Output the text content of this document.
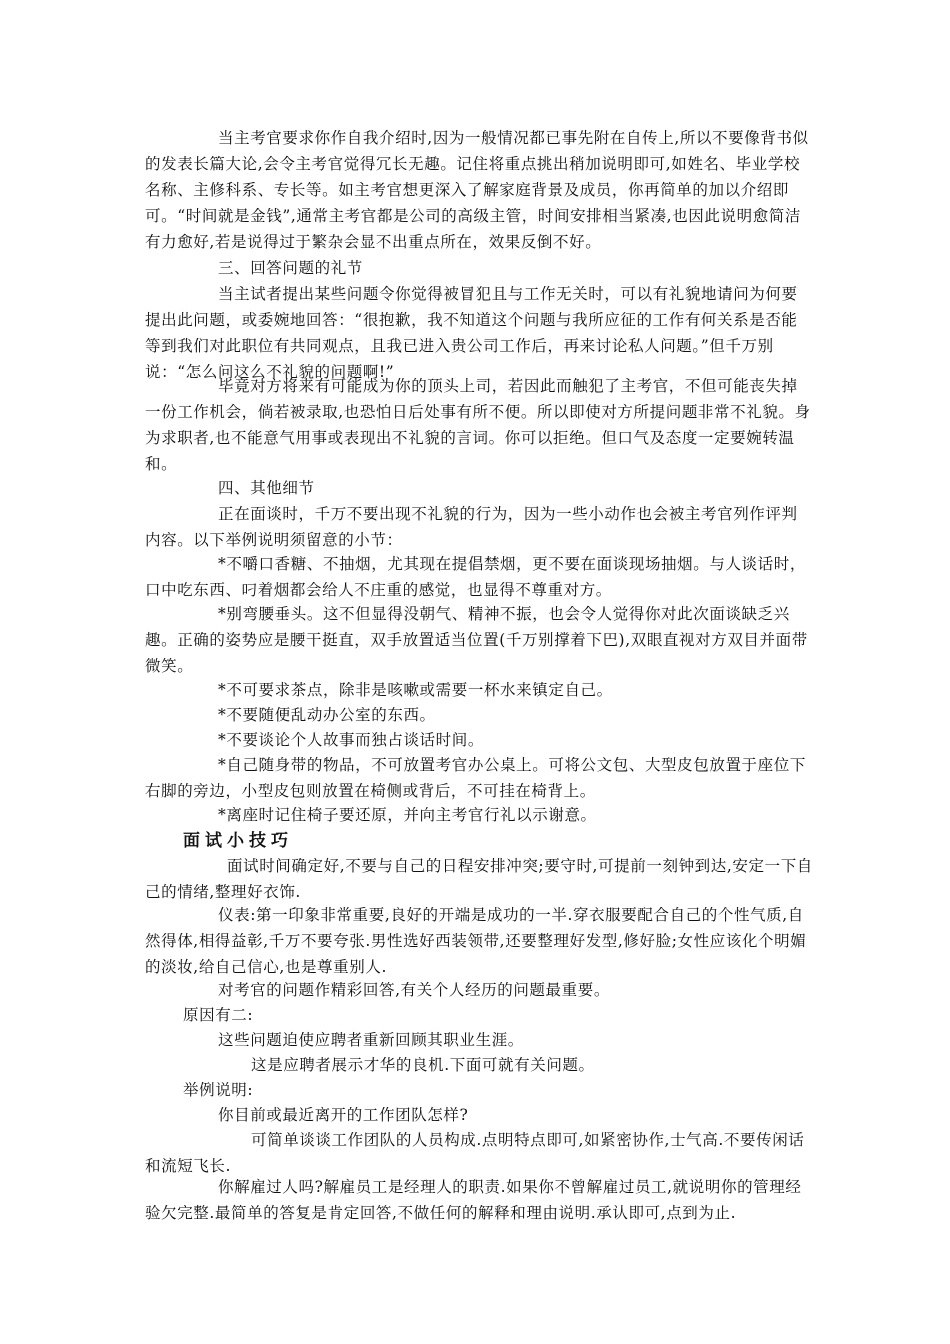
当主考官要求你作自我介绍时,因为一般情况都已事先附在自传上,所以不要像背书似的发表长篇大论,会令主考官觉得冗长无趣。记住将重点挑出稍加说明即可,如姓名、毕业学校名称、主修科系、专长等。如主考官想更深入了解家庭背景及成员，你再简单的加以介绍即可。“时间就是金钱”,通常主考官都是公司的高级主管，时间安排相当紧凑,也因此说明愈简洁有力愈好,若是说得过于繁杂会显不出重点所在，效果反倒不好。

三、回答问题的礼节

当主试者提出某些问题令你觉得被冒犯且与工作无关时，可以有礼貌地请问为何要提出此问题，或委婉地回答：“很抱歉，我不知道这个问题与我所应征的工作有何关系是否能等到我们对此职位有共同观点，且我已进入贵公司工作后，再来讨论私人问题。”但千万别说：“怎么问这么不礼貌的问题啊!”

毕竟对方将来有可能成为你的顶头上司，若因此而触犯了主考官，不但可能丧失掉一份工作机会，倘若被录取,也恐怕日后处事有所不便。所以即使对方所提问题非常不礼貌。身为求职者,也不能意气用事或表现出不礼貌的言词。你可以拒绝。但口气及态度一定要婉转温和。

四、其他细节

正在面谈时，千万不要出现不礼貌的行为，因为一些小动作也会被主考官列作评判内容。以下举例说明须留意的小节：

*不嚼口香糖、不抽烟，尤其现在提倡禁烟，更不要在面谈现场抽烟。与人谈话时，口中吃东西、叼着烟都会给人不庄重的感觉，也显得不尊重对方。

*别弯腰垂头。这不但显得没朝气、精神不振，也会令人觉得你对此次面谈缺乏兴趣。正确的姿势应是腰干挺直，双手放置适当位置(千万别撑着下巴),双眼直视对方双目并面带微笑。

*不可要求茶点，除非是咳嗽或需要一杯水来镇定自己。

*不要随便乱动办公室的东西。

*不要谈论个人故事而独占谈话时间。

*自己随身带的物品，不可放置考官办公桌上。可将公文包、大型皮包放置于座位下右脚的旁边，小型皮包则放置在椅侧或背后，不可挂在椅背上。

*离座时记住椅子要还原，并向主考官行礼以示谢意。

面试小技巧

面试时间确定好,不要与自己的日程安排冲突;要守时,可提前一刻钟到达,安定一下自己的情绪,整理好衣饰.

仪表:第一印象非常重要,良好的开端是成功的一半.穿衣服要配合自己的个性气质,自然得体,相得益彰,千万不要夸张.男性选好西装领带,还要整理好发型,修好脸;女性应该化个明媚的淡妆,给自己信心,也是尊重别人.

对考官的问题作精彩回答,有关个人经历的问题最重要。

原因有二:

这些问题迫使应聘者重新回顾其职业生涯。

这是应聘者展示才华的良机.下面可就有关问题。

举例说明:

你目前或最近离开的工作团队怎样?

可简单谈谈工作团队的人员构成.点明特点即可,如紧密协作,士气高.不要传闲话和流短飞长.

你解雇过人吗?解雇员工是经理人的职责.如果你不曾解雇过员工,就说明你的管理经验欠完整.最简单的答复是肯定回答,不做任何的解释和理由说明.承认即可,点到为止.
